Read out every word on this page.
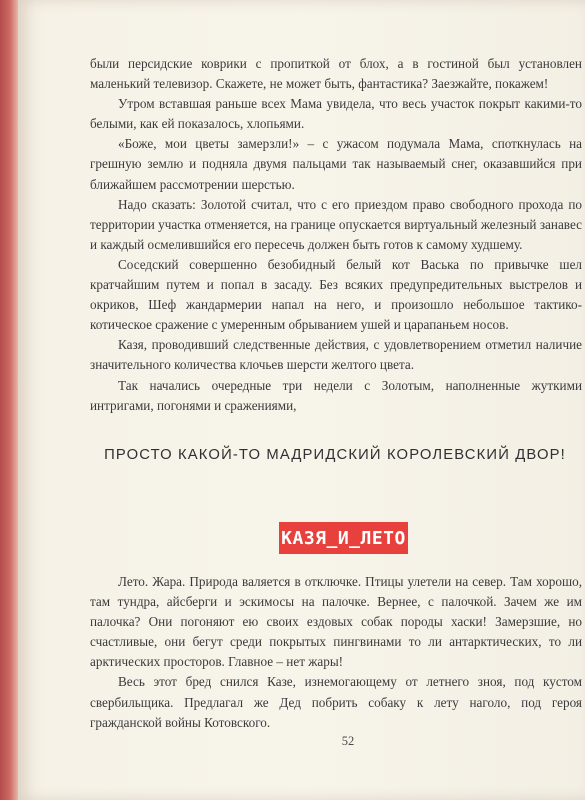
были персидские коврики с пропиткой от блох, а в гостиной был установлен маленький телевизор. Скажете, не может быть, фантастика? Заезжайте, покажем!

Утром вставшая раньше всех Мама увидела, что весь участок покрыт какими-то белыми, как ей показалось, хлопьями.

«Боже, мои цветы замерзли!» – с ужасом подумала Мама, споткнулась на грешную землю и подняла двумя пальцами так называемый снег, оказавшийся при ближайшем рассмотрении шерстью.

Надо сказать: Золотой считал, что с его приездом право свободного прохода по территории участка отменяется, на границе опускается виртуальный железный занавес и каждый осмелившийся его пересечь должен быть готов к самому худшему.

Соседский совершенно безобидный белый кот Васька по привычке шел кратчайшим путем и попал в засаду. Без всяких предупредительных выстрелов и окриков, Шеф жандармерии напал на него, и произошло небольшое тактико-котическое сражение с умеренным обрыванием ушей и царапаньем носов.

Казя, проводивший следственные действия, с удовлетворением отметил наличие значительного количества клочьев шерсти желтого цвета.

Так начались очередные три недели с Золотым, наполненные жуткими интригами, погонями и сражениями,

ПРОСТО КАКОЙ-ТО МАДРИДСКИЙ КОРОЛЕВСКИЙ ДВОР!
КАЗЯ_И_ЛЕТО

Лето. Жара. Природа валяется в отключке. Птицы улетели на север. Там хорошо, там тундра, айсберги и эскимосы на палочке. Вернее, с палочкой. Зачем же им палочка? Они погоняют ею своих ездовых собак породы хаски! Замерзшие, но счастливые, они бегут среди покрытых пингвинами то ли антарктических, то ли арктических просторов. Главное – нет жары!

Весь этот бред снился Казе, изнемогающему от летнего зноя, под кустом свербильщика. Предлагал же Дед побрить собаку к лету наголо, под героя гражданской войны Котовского.

52
